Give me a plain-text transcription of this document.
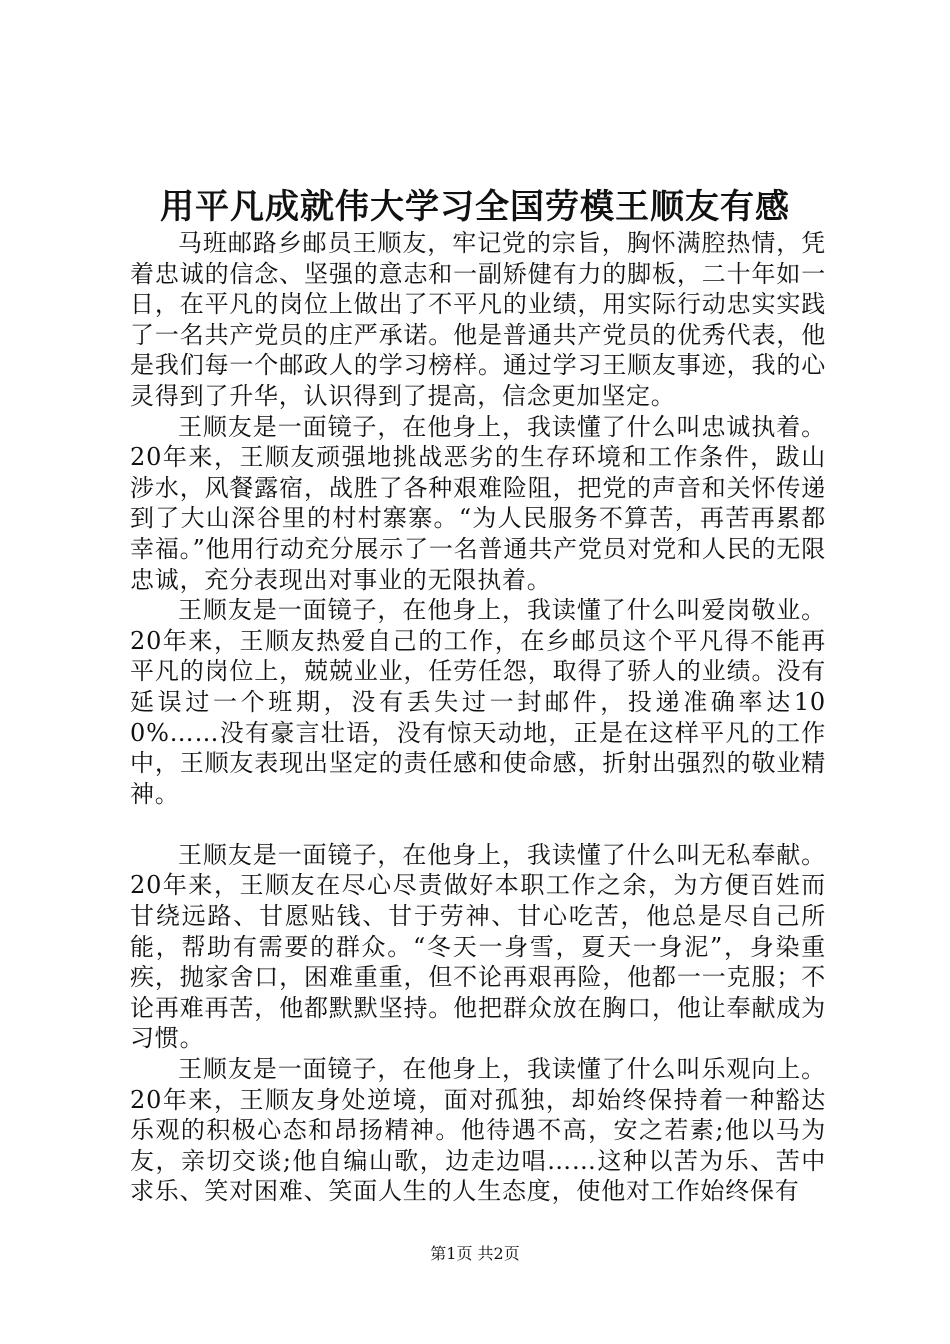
用平凡成就伟大学习全国劳模王顺友有感

马班邮路乡邮员王顺友，牢记党的宗旨，胸怀满腔热情，凭着忠诚的信念、坚强的意志和一副矫健有力的脚板，二十年如一日，在平凡的岗位上做出了不平凡的业绩，用实际行动忠实实践了一名共产党员的庄严承诺。他是普通共产党员的优秀代表，他是我们每一个邮政人的学习榜样。通过学习王顺友事迹，我的心灵得到了升华，认识得到了提高，信念更加坚定。

王顺友是一面镜子，在他身上，我读懂了什么叫忠诚执着。20年来，王顺友顽强地挑战恶劣的生存环境和工作条件，跋山涉水，风餐露宿，战胜了各种艰难险阻，把党的声音和关怀传递到了大山深谷里的村村寨寨。“为人民服务不算苦，再苦再累都幸福。”他用行动充分展示了一名普通共产党员对党和人民的无限忠诚，充分表现出对事业的无限执着。

王顺友是一面镜子，在他身上，我读懂了什么叫爱岗敬业。20年来，王顺友热爱自己的工作，在乡邮员这个平凡得不能再平凡的岗位上，兢兢业业，任劳任怨，取得了骄人的业绩。没有延误过一个班期，没有丢失过一封邮件，投递准确率达100%……没有豪言壮语，没有惊天动地，正是在这样平凡的工作中，王顺友表现出坚定的责任感和使命感，折射出强烈的敬业精神。

王顺友是一面镜子，在他身上，我读懂了什么叫无私奉献。20年来，王顺友在尽心尽责做好本职工作之余，为方便百姓而甘绕远路、甘愿贴钱、甘于劳神、甘心吃苦，他总是尽自己所能，帮助有需要的群众。“冬天一身雪，夏天一身泥”，身染重疾，抛家舍口，困难重重，但不论再艰再险，他都一一克服；不论再难再苦，他都默默坚持。他把群众放在胸口，他让奉献成为习惯。

王顺友是一面镜子，在他身上，我读懂了什么叫乐观向上。20年来，王顺友身处逆境，面对孤独，却始终保持着一种豁达乐观的积极心态和昂扬精神。他待遇不高，安之若素;他以马为友，亲切交谈;他自编山歌，边走边唱……这种以苦为乐、苦中求乐、笑对困难、笑面人生的人生态度，使他对工作始终保有

第1页 共2页
